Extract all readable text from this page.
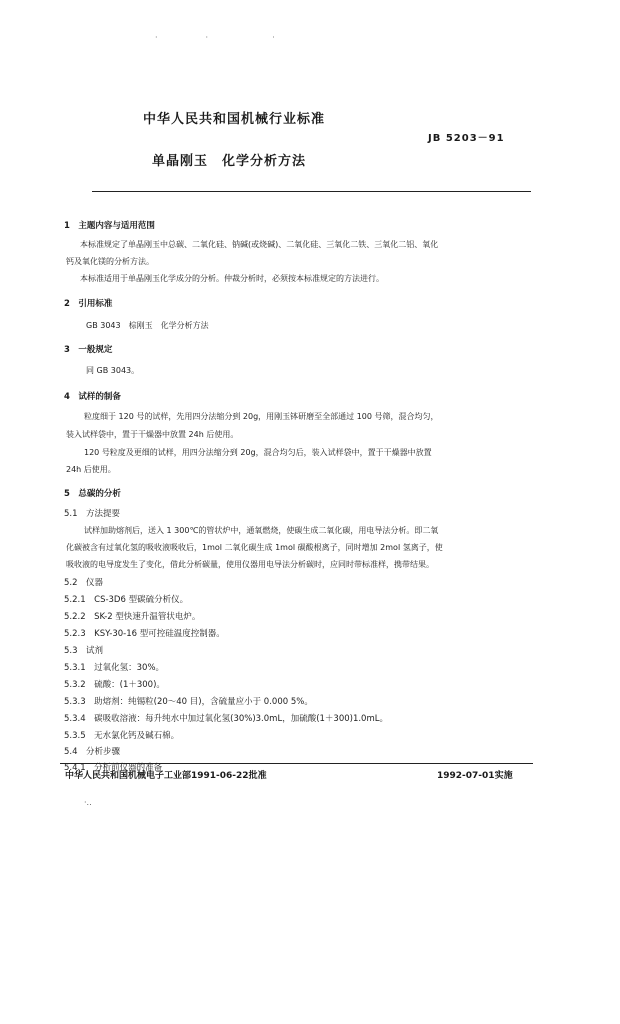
·　　　　　　·　　　　　　　　·
中华人民共和国机械行业标准
JB 5203－91
单晶刚玉　化学分析方法
1　主题内容与适用范围
本标准规定了单晶刚玉中总碳、二氧化硅、钠碱(或烧碱)、二氧化硅、三氧化二铁、三氧化二铝、氧化
钙及氧化镁的分析方法。
本标准适用于单晶刚玉化学成分的分析。仲裁分析时，必须按本标准规定的方法进行。
2　引用标准
GB 3043　棕刚玉　化学分析方法
3　一般规定
同 GB 3043。
4　试样的制备
粒度细于 120 号的试样，先用四分法缩分到 20g，用刚玉钵研磨至全部通过 100 号筛，混合均匀，
装入试样袋中，置于干燥器中放置 24h 后使用。
120 号粒度及更细的试样，用四分法缩分到 20g，混合均匀后，装入试样袋中，置于干燥器中放置
24h 后使用。
5　总碳的分析
5.1　方法提要
试样加助熔剂后，送入 1 300℃的管状炉中，通氧燃烧，使碳生成二氧化碳，用电导法分析。即二氧
化碳被含有过氧化氢的吸收液吸收后，1mol 二氧化碳生成 1mol 碳酸根离子，同时增加 2mol 氢离子，使
吸收液的电导度发生了变化，借此分析碳量，使用仪器用电导法分析碳时，应同时带标准样，携带结果。
5.2　仪器
5.2.1　CS-3D6 型碳硫分析仪。
5.2.2　SK-2 型快速升温管状电炉。
5.2.3　KSY-30-16 型可控硅温度控制器。
5.3　试剂
5.3.1　过氧化氢：30%。
5.3.2　硫酸：(1＋300)。
5.3.3　助熔剂：纯锡粒(20～40 目)，含硫量应小于 0.000 5%。
5.3.4　碳吸收溶液：每升纯水中加过氧化氢(30%)3.0mL，加硫酸(1＋300)1.0mL。
5.3.5　无水氯化钙及碱石棉。
5.4　分析步骤
5.4.1　分析前仪器的准备
中华人民共和国机械电子工业部1991-06-22批准	1992-07-01实施
·..
